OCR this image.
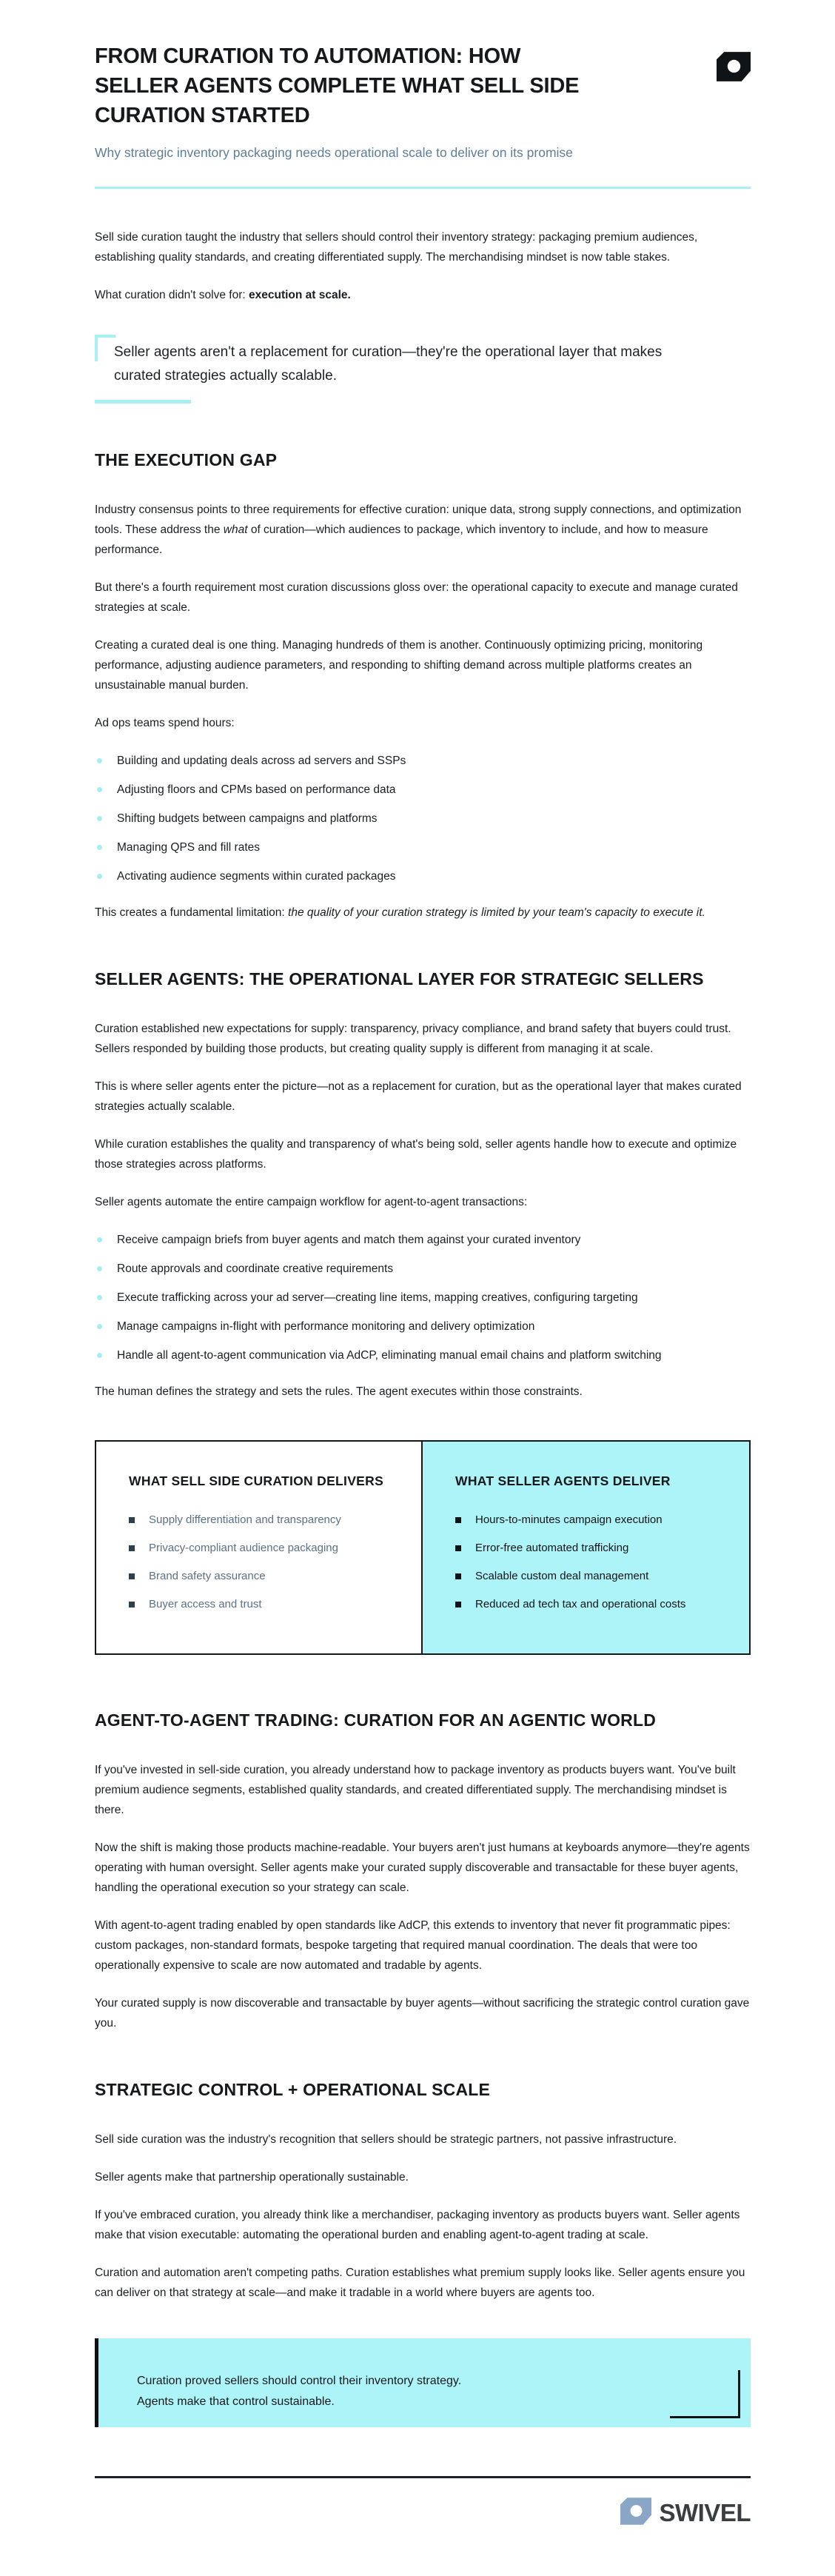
FROM CURATION TO AUTOMATION: HOW
SELLER AGENTS COMPLETE WHAT SELL SIDE
CURATION STARTED

Why strategic inventory packaging needs operational scale to deliver on its promise

Sell side curation taught the industry that sellers should control their inventory strategy: packaging premium audiences, establishing quality standards, and creating differentiated supply. The merchandising mindset is now table stakes.

What curation didn't solve for: execution at scale.

Seller agents aren't a replacement for curation—they're the operational layer that makes curated strategies actually scalable.
THE EXECUTION GAP

Industry consensus points to three requirements for effective curation: unique data, strong supply connections, and optimization tools. These address the what of curation—which audiences to package, which inventory to include, and how to measure performance.

But there's a fourth requirement most curation discussions gloss over: the operational capacity to execute and manage curated strategies at scale.

Creating a curated deal is one thing. Managing hundreds of them is another. Continuously optimizing pricing, monitoring performance, adjusting audience parameters, and responding to shifting demand across multiple platforms creates an unsustainable manual burden.

Ad ops teams spend hours:

Building and updating deals across ad servers and SSPs
Adjusting floors and CPMs based on performance data
Shifting budgets between campaigns and platforms
Managing QPS and fill rates
Activating audience segments within curated packages

This creates a fundamental limitation: the quality of your curation strategy is limited by your team's capacity to execute it.

SELLER AGENTS: THE OPERATIONAL LAYER FOR STRATEGIC SELLERS

Curation established new expectations for supply: transparency, privacy compliance, and brand safety that buyers could trust. Sellers responded by building those products, but creating quality supply is different from managing it at scale.

This is where seller agents enter the picture—not as a replacement for curation, but as the operational layer that makes curated strategies actually scalable.

While curation establishes the quality and transparency of what's being sold, seller agents handle how to execute and optimize those strategies across platforms.

Seller agents automate the entire campaign workflow for agent-to-agent transactions:

Receive campaign briefs from buyer agents and match them against your curated inventory
Route approvals and coordinate creative requirements
Execute trafficking across your ad server—creating line items, mapping creatives, configuring targeting
Manage campaigns in-flight with performance monitoring and delivery optimization
Handle all agent-to-agent communication via AdCP, eliminating manual email chains and platform switching

The human defines the strategy and sets the rules. The agent executes within those constraints.

WHAT SELL SIDE CURATION DELIVERS
Supply differentiation and transparency
Privacy-compliant audience packaging
Brand safety assurance
Buyer access and trust
WHAT SELLER AGENTS DELIVER
Hours-to-minutes campaign execution
Error-free automated trafficking
Scalable custom deal management
Reduced ad tech tax and operational costs
AGENT-TO-AGENT TRADING: CURATION FOR AN AGENTIC WORLD

If you've invested in sell-side curation, you already understand how to package inventory as products buyers want. You've built premium audience segments, established quality standards, and created differentiated supply. The merchandising mindset is there.

Now the shift is making those products machine-readable. Your buyers aren't just humans at keyboards anymore—they're agents operating with human oversight. Seller agents make your curated supply discoverable and transactable for these buyer agents, handling the operational execution so your strategy can scale.

With agent-to-agent trading enabled by open standards like AdCP, this extends to inventory that never fit programmatic pipes: custom packages, non-standard formats, bespoke targeting that required manual coordination. The deals that were too operationally expensive to scale are now automated and tradable by agents.

Your curated supply is now discoverable and transactable by buyer agents—without sacrificing the strategic control curation gave you.

STRATEGIC CONTROL + OPERATIONAL SCALE

Sell side curation was the industry's recognition that sellers should be strategic partners, not passive infrastructure.

Seller agents make that partnership operationally sustainable.

If you've embraced curation, you already think like a merchandiser, packaging inventory as products buyers want. Seller agents make that vision executable: automating the operational burden and enabling agent-to-agent trading at scale.

Curation and automation aren't competing paths. Curation establishes what premium supply looks like. Seller agents ensure you can deliver on that strategy at scale—and make it tradable in a world where buyers are agents too.

Curation proved sellers should control their inventory strategy.
Agents make that control sustainable.

SWIVEL
